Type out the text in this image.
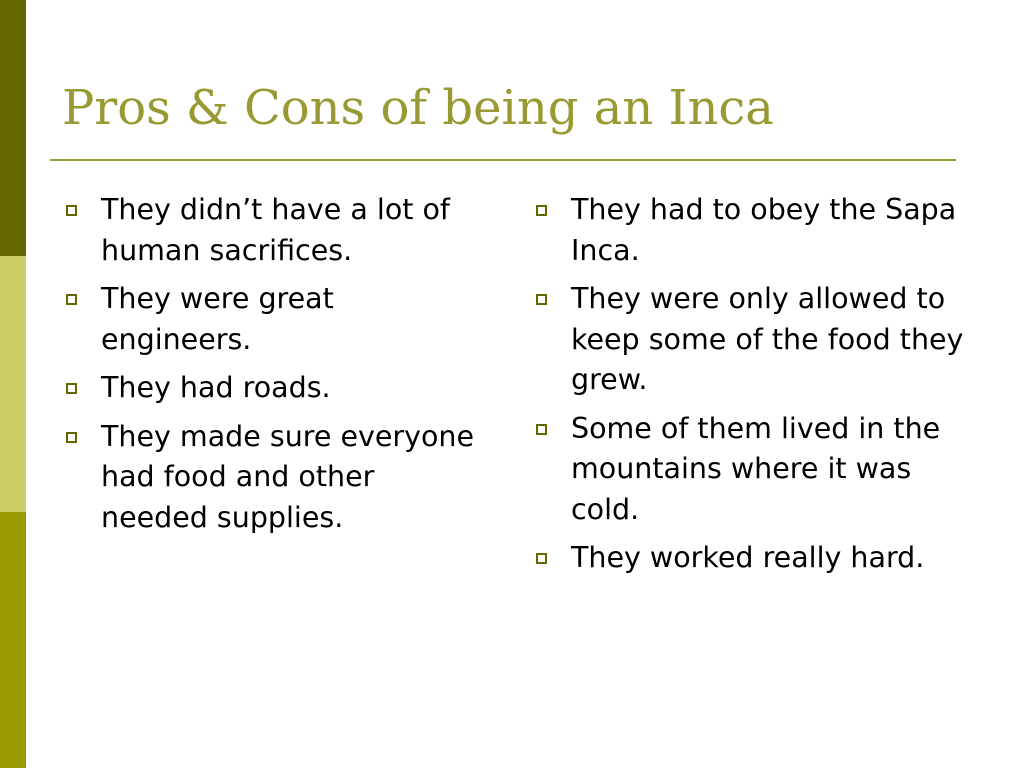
Pros & Cons of being an Inca
They didn’t have a lot of human sacrifices.
They were great engineers.
They had roads.
They made sure everyone had food and other needed supplies.
They had to obey the Sapa Inca.
They were only allowed to keep some of the food they grew.
Some of them lived in the mountains where it was cold.
They worked really hard.
